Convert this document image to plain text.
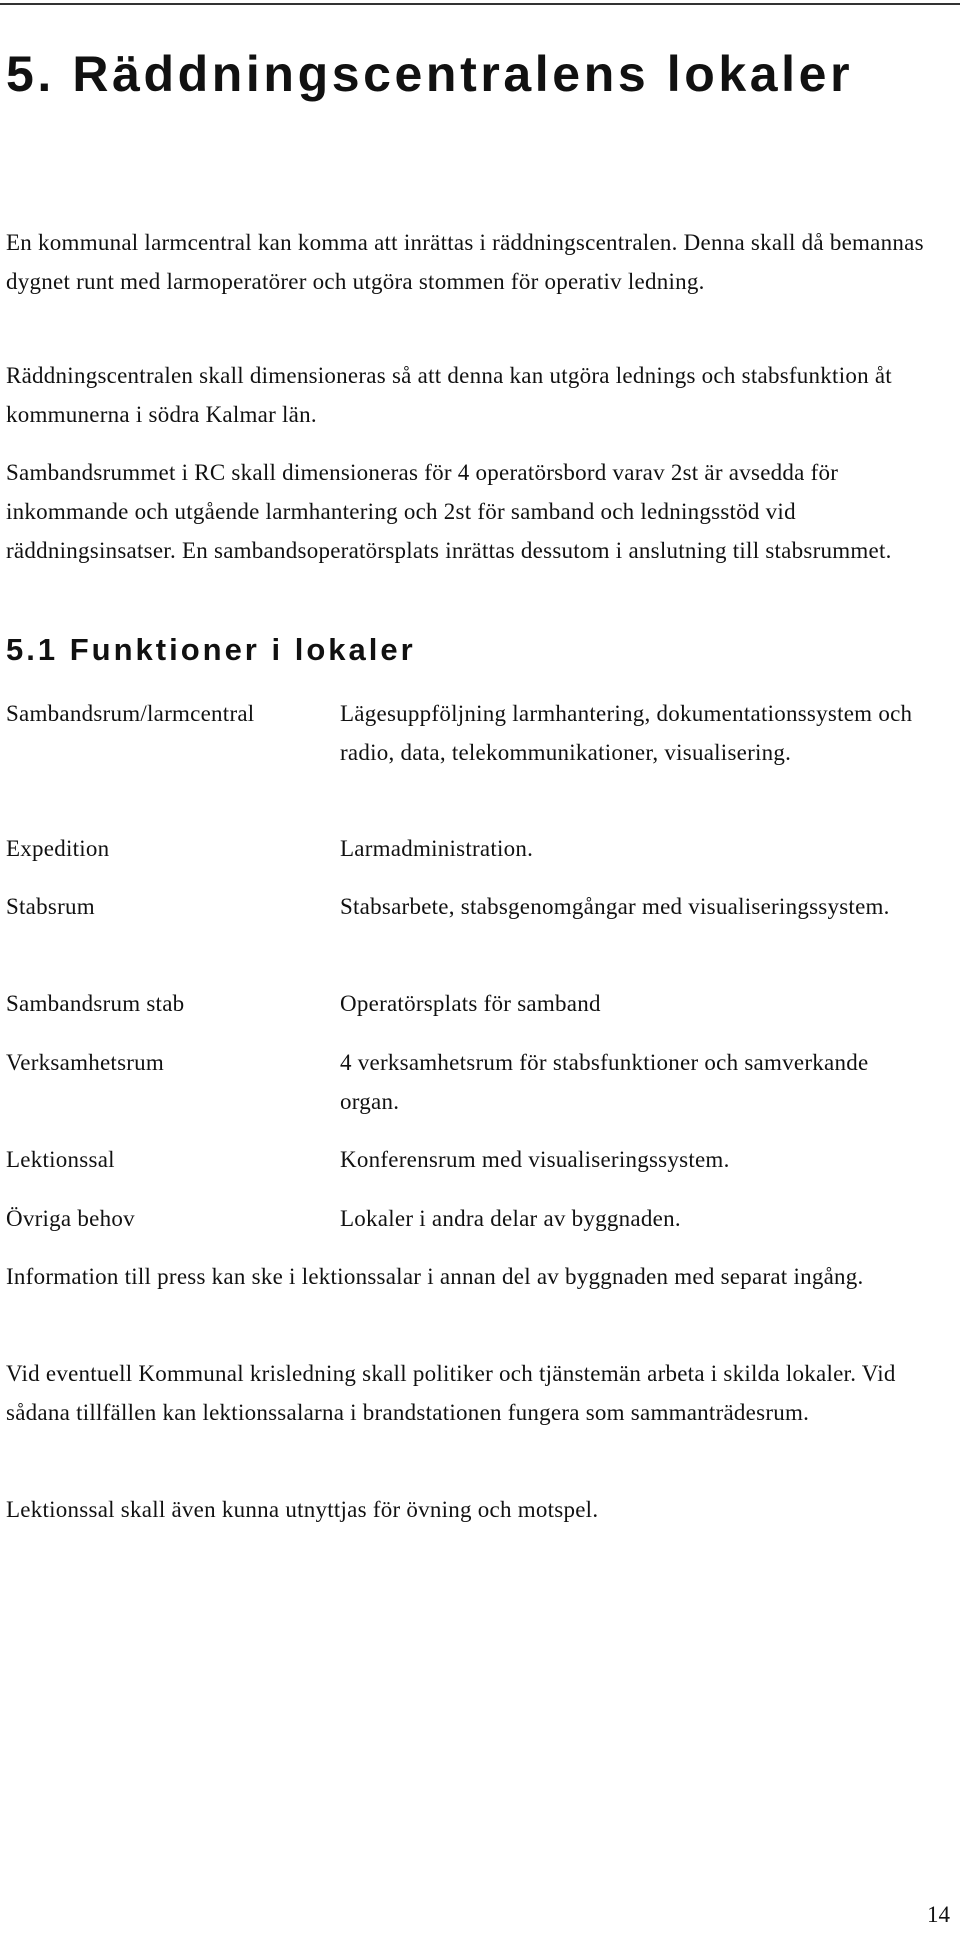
5. Räddningscentralens lokaler

En kommunal larmcentral kan komma att inrättas i räddningscentralen. Denna skall då bemannas dygnet runt med larmoperatörer och utgöra stommen för operativ ledning.

Räddningscentralen skall dimensioneras så att denna kan utgöra lednings och stabsfunktion åt kommunerna i södra Kalmar län.

Sambandsrummet i RC skall dimensioneras för 4 operatörsbord varav 2st är avsedda för inkommande och utgående larmhantering och 2st för samband och ledningsstöd vid räddningsinsatser. En sambandsoperatörsplats inrättas dessutom i anslutning till stabsrummet.

5.1 Funktioner i lokaler
Sambandsrum/larmcentral	Lägesuppföljning larmhantering, dokumentationssystem och radio, data, telekommunikationer, visualisering.
Expedition	Larmadministration.
Stabsrum	Stabsarbete, stabsgenomgångar med visualiseringssystem.
Sambandsrum stab	Operatörsplats för samband
Verksamhetsrum	4 verksamhetsrum för stabsfunktioner och samverkande organ.
Lektionssal	Konferensrum med visualiseringssystem.
Övriga behov	Lokaler i andra delar av byggnaden.

Information till press kan ske i lektionssalar i annan del av byggnaden med separat ingång.

Vid eventuell Kommunal krisledning skall politiker och tjänstemän arbeta i skilda lokaler. Vid sådana tillfällen kan lektionssalarna i brandstationen fungera som sammanträdesrum.

Lektionssal skall även kunna utnyttjas för övning och motspel.

14
